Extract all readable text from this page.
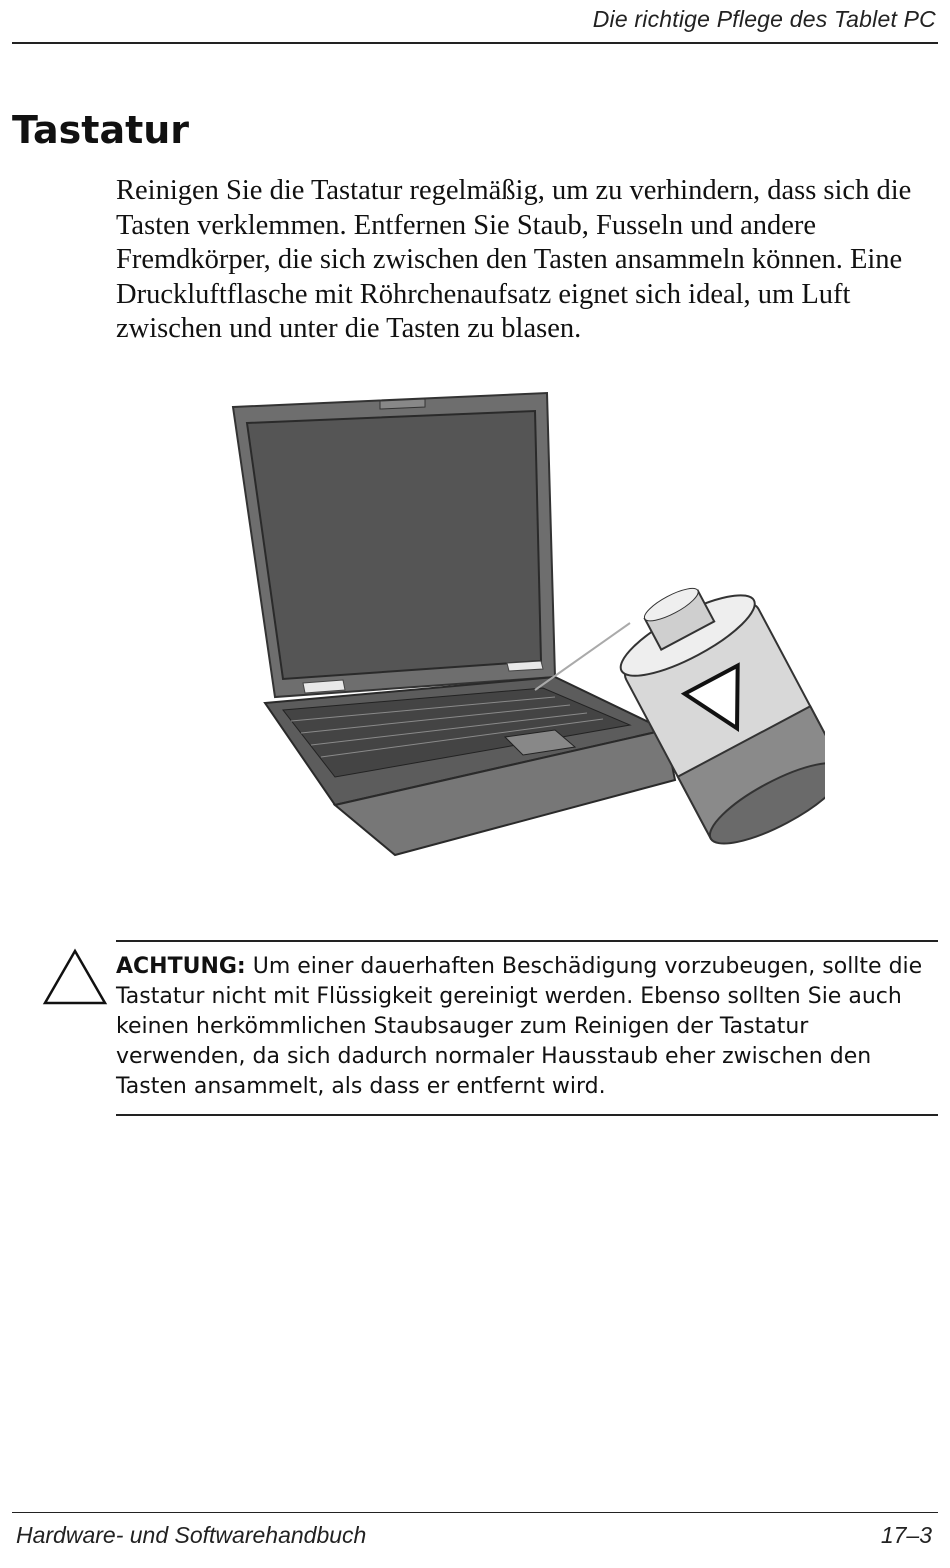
Die richtige Pflege des Tablet PC
Tastatur

Reinigen Sie die Tastatur regelmäßig, um zu verhindern, dass sich die Tasten verklemmen. Entfernen Sie Staub, Fusseln und andere Fremdkörper, die sich zwischen den Tasten ansammeln können. Eine Druckluftflasche mit Röhrchenaufsatz eignet sich ideal, um Luft zwischen und unter die Tasten zu blasen.

ACHTUNG: Um einer dauerhaften Beschädigung vorzubeugen, sollte die Tastatur nicht mit Flüssigkeit gereinigt werden. Ebenso sollten Sie auch keinen herkömmlichen Staubsauger zum Reinigen der Tastatur verwenden, da sich dadurch normaler Hausstaub eher zwischen den Tasten ansammelt, als dass er entfernt wird.

Hardware- und Softwarehandbuch	17–3
